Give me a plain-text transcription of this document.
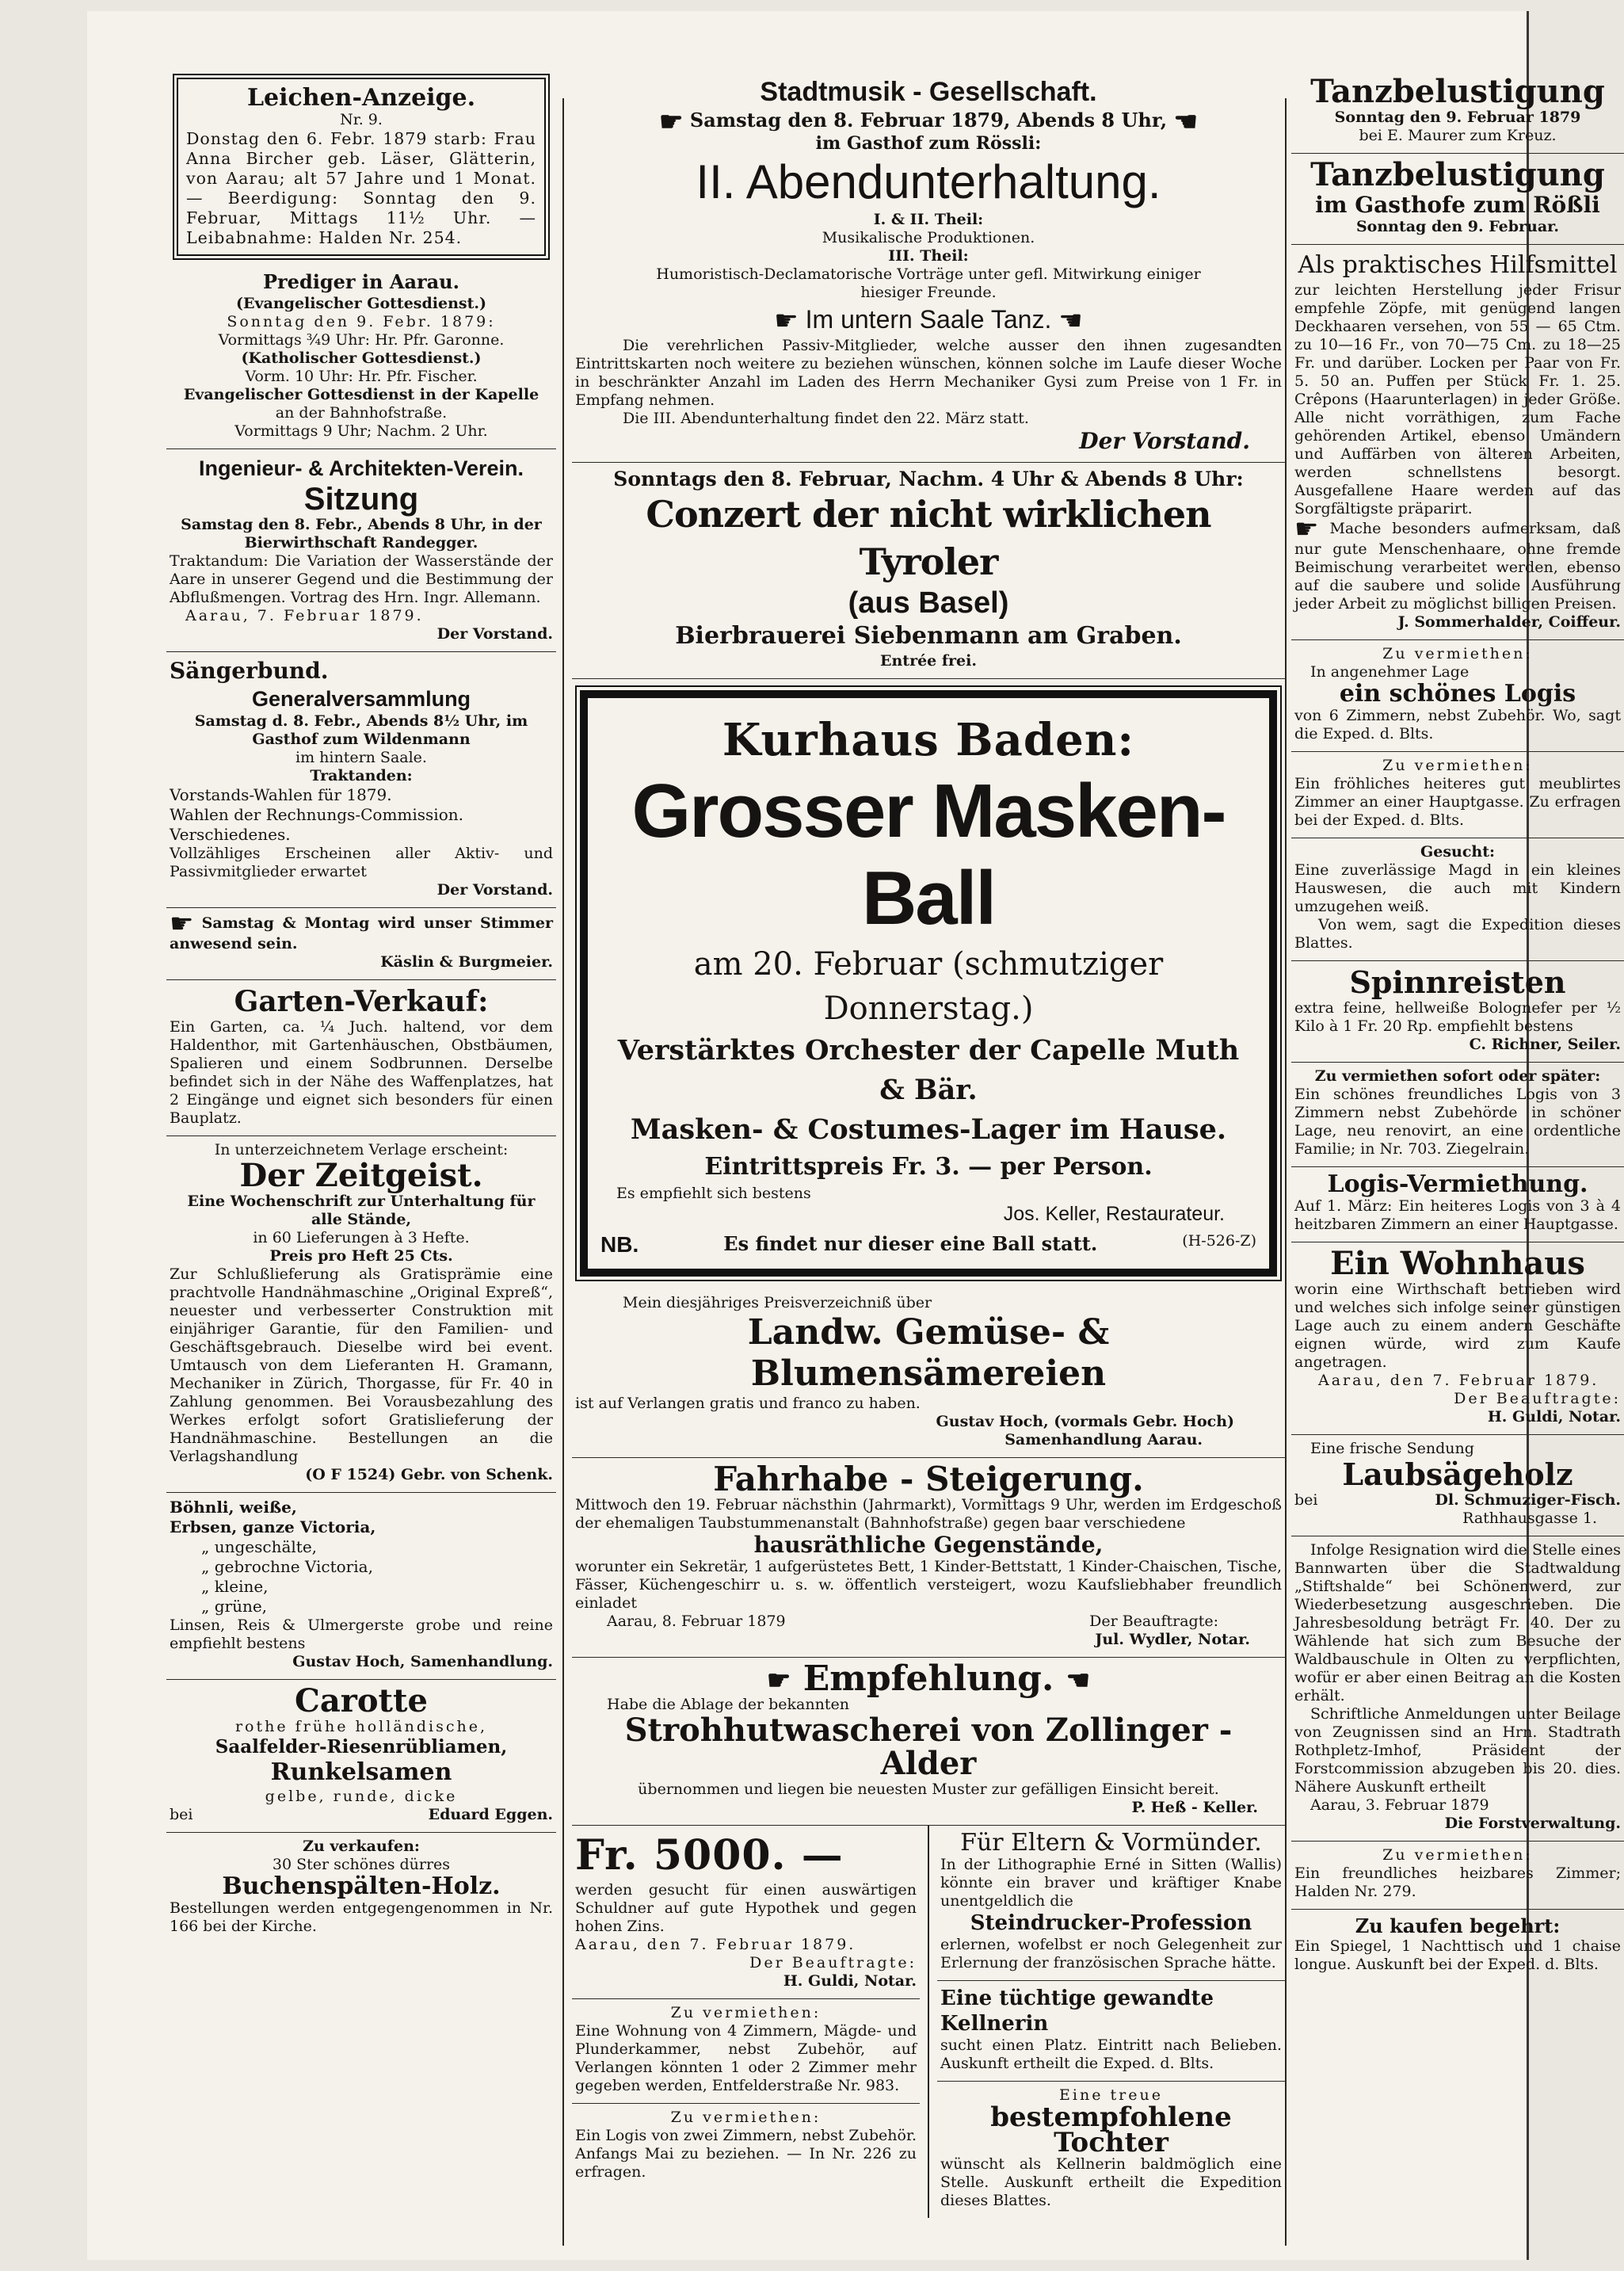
Leichen-Anzeige.
Nr. 9.

Donstag den 6. Febr. 1879 starb: Frau Anna Bircher geb. Läser, Glätterin, von Aarau; alt 57 Jahre und 1 Monat. — Beerdigung: Sonntag den 9. Februar, Mittags 11½ Uhr. — Leibabnahme: Halden Nr. 254.

Prediger in Aarau.
(Evangelischer Gottesdienst.)
Sonntag den 9. Febr. 1879:
Vormittags ¾9 Uhr: Hr. Pfr. Garonne.
(Katholischer Gottesdienst.)
Vorm. 10 Uhr: Hr. Pfr. Fischer.
Evangelischer Gottesdienst in der Kapelle
an der Bahnhofstraße.
Vormittags 9 Uhr; Nachm. 2 Uhr.
Ingenieur- & Architekten-Verein.
Sitzung
Samstag den 8. Febr., Abends 8 Uhr, in der Bierwirthschaft Randegger.

Traktandum: Die Variation der Wasserstände der Aare in unserer Gegend und die Bestimmung der Abflußmengen. Vortrag des Hrn. Ingr. Allemann.

Aarau, 7. Februar 1879.
Der Vorstand.
Sängerbund.
Generalversammlung
Samstag d. 8. Febr., Abends 8½ Uhr, im Gasthof zum Wildenmann
im hintern Saale.
Traktanden:
Vorstands-Wahlen für 1879.
Wahlen der Rechnungs-Commission.
Verschiedenes.

Vollzähliges Erscheinen aller Aktiv- und Passivmitglieder erwartet

Der Vorstand.

☛ Samstag & Montag wird unser Stimmer anwesend sein.

Käslin & Burgmeier.
Garten-Verkauf:

Ein Garten, ca. ¼ Juch. haltend, vor dem Haldenthor, mit Gartenhäuschen, Obstbäumen, Spalieren und einem Sodbrunnen. Derselbe befindet sich in der Nähe des Waffenplatzes, hat 2 Eingänge und eignet sich besonders für einen Bauplatz.

In unterzeichnetem Verlage erscheint:
Der Zeitgeist.
Eine Wochenschrift zur Unterhaltung für alle Stände,
in 60 Lieferungen à 3 Hefte.
Preis pro Heft 25 Cts.

Zur Schlußlieferung als Gratisprämie eine prachtvolle Handnähmaschine „Original Expreß“, neuester und verbesserter Construktion mit einjähriger Garantie, für den Familien- und Geschäftsgebrauch. Dieselbe wird bei event. Umtausch von dem Lieferanten H. Gramann, Mechaniker in Zürich, Thorgasse, für Fr. 40 in Zahlung genommen. Bei Vorausbezahlung des Werkes erfolgt sofort Gratislieferung der Handnähmaschine. Bestellungen an die Verlagshandlung

(O F 1524) Gebr. von Schenk.
Böhnli, weiße,
Erbsen, ganze Victoria,
„ ungeschälte,
„ gebrochne Victoria,
„ kleine,
„ grüne,

Linsen, Reis & Ulmergerste grobe und reine empfiehlt bestens

Gustav Hoch, Samenhandlung.
Carotte
rothe frühe holländische,
Saalfelder-Riesenrübliamen,
Runkelsamen
gelbe, runde, dicke
bei	Eduard Eggen.
Zu verkaufen:
30 Ster schönes dürres
Buchenspälten-Holz.

Bestellungen werden entgegengenommen in Nr. 166 bei der Kirche.

Stadtmusik - Gesellschaft.
☛ Samstag den 8. Februar 1879, Abends 8 Uhr, ☚
im Gasthof zum Rössli:
II. Abendunterhaltung.
I. & II. Theil:
Musikalische Produktionen.
III. Theil:
Humoristisch-Declamatorische Vorträge unter gefl. Mitwirkung einiger hiesiger Freunde.
☛ Im untern Saale Tanz. ☚

Die verehrlichen Passiv-Mitglieder, welche ausser den ihnen zugesandten Eintrittskarten noch weitere zu beziehen wünschen, können solche im Laufe dieser Woche in beschränkter Anzahl im Laden des Herrn Mechaniker Gysi zum Preise von 1 Fr. in Empfang nehmen.

Die III. Abendunterhaltung findet den 22. März statt.
Der Vorstand.
Sonntags den 8. Februar, Nachm. 4 Uhr & Abends 8 Uhr:
Conzert der nicht wirklichen Tyroler
(aus Basel)
Bierbrauerei Siebenmann am Graben.
Entrée frei.
Kurhaus Baden:
Grosser Masken-Ball
am 20. Februar (schmutziger Donnerstag.)
Verstärktes Orchester der Capelle Muth & Bär.
Masken- & Costumes-Lager im Hause.
Eintrittspreis Fr. 3. — per Person.
Es empfiehlt sich bestens
Jos. Keller, Restaurateur.
NB.	Es findet nur dieser eine Ball statt.	(H-526-Z)
Mein diesjähriges Preisverzeichniß über
Landw. Gemüse- & Blumensämereien
ist auf Verlangen gratis und franco zu haben.
Gustav Hoch, (vormals Gebr. Hoch)
Samenhandlung Aarau.
Fahrhabe - Steigerung.

Mittwoch den 19. Februar nächsthin (Jahrmarkt), Vormittags 9 Uhr, werden im Erdgeschoß der ehemaligen Taubstummenanstalt (Bahnhofstraße) gegen baar verschiedene

hausräthliche Gegenstände,

worunter ein Sekretär, 1 aufgerüstetes Bett, 1 Kinder-Bettstatt, 1 Kinder-Chaischen, Tische, Fässer, Küchengeschirr u. s. w. öffentlich versteigert, wozu Kaufsliebhaber freundlich einladet

Aarau, 8. Februar 1879	Der Beauftragte:
Jul. Wydler, Notar.
☛ Empfehlung. ☚
Habe die Ablage der bekannten
Strohhutwascherei von Zollinger - Alder
übernommen und liegen bie neuesten Muster zur gefälligen Einsicht bereit.
P. Heß - Keller.
Fr. 5000. —

werden gesucht für einen auswärtigen Schuldner auf gute Hypothek und gegen hohen Zins.

Aarau, den 7. Februar 1879.
Der Beauftragte:
H. Guldi, Notar.
Zu vermiethen:

Eine Wohnung von 4 Zimmern, Mägde- und Plunderkammer, nebst Zubehör, auf Verlangen könnten 1 oder 2 Zimmer mehr gegeben werden, Entfelderstraße Nr. 983.

Zu vermiethen:

Ein Logis von zwei Zimmern, nebst Zubehör. Anfangs Mai zu beziehen. — In Nr. 226 zu erfragen.

Für Eltern & Vormünder.

In der Lithographie Erné in Sitten (Wallis) könnte ein braver und kräftiger Knabe unentgeldlich die

Steindrucker-Profession

erlernen, wofelbst er noch Gelegenheit zur Erlernung der französischen Sprache hätte.

Eine tüchtige gewandte Kellnerin

sucht einen Platz. Eintritt nach Belieben. Auskunft ertheilt die Exped. d. Blts.

Eine treue
bestempfohlene Tochter

wünscht als Kellnerin baldmöglich eine Stelle. Auskunft ertheilt die Expedition dieses Blattes.

Tanzbelustigung
Sonntag den 9. Februar 1879
bei E. Maurer zum Kreuz.
Tanzbelustigung
im Gasthofe zum Rößli
Sonntag den 9. Februar.
Als praktisches Hilfsmittel

zur leichten Herstellung jeder Frisur empfehle Zöpfe, mit genügend langen Deckhaaren versehen, von 55 — 65 Ctm. zu 10—16 Fr., von 70—75 Cm. zu 18—25 Fr. und darüber. Locken per Paar von Fr. 5. 50 an. Puffen per Stück Fr. 1. 25. Crêpons (Haarunterlagen) in jeder Größe. Alle nicht vorräthigen, zum Fache gehörenden Artikel, ebenso Umändern und Auffärben von älteren Arbeiten, werden schnellstens besorgt. Ausgefallene Haare werden auf das Sorgfältigste präparirt.

☛ Mache besonders aufmerksam, daß nur gute Menschenhaare, ohne fremde Beimischung verarbeitet werden, ebenso auf die saubere und solide Ausführung jeder Arbeit zu möglichst billigen Preisen.

J. Sommerhalder, Coiffeur.
Zu vermiethen:
In angenehmer Lage
ein schönes Logis

von 6 Zimmern, nebst Zubehör. Wo, sagt die Exped. d. Blts.

Zu vermiethen:

Ein fröhliches heiteres gut meublirtes Zimmer an einer Hauptgasse. Zu erfragen bei der Exped. d. Blts.

Gesucht:

Eine zuverlässige Magd in ein kleines Hauswesen, die auch mit Kindern umzugehen weiß.

Von wem, sagt die Expedition dieses Blattes.

Spinnreisten

extra feine, hellweiße Bolognefer per ½ Kilo à 1 Fr. 20 Rp. empfiehlt bestens

C. Richner, Seiler.
Zu vermiethen sofort oder später:

Ein schönes freundliches Logis von 3 Zimmern nebst Zubehörde in schöner Lage, neu renovirt, an eine ordentliche Familie; in Nr. 703. Ziegelrain.

Logis-Vermiethung.

Auf 1. März: Ein heiteres Logis von 3 à 4 heitzbaren Zimmern an einer Hauptgasse.

Ein Wohnhaus

worin eine Wirthschaft betrieben wird und welches sich infolge seiner günstigen Lage auch zu einem andern Geschäfte eignen würde, wird zum Kaufe angetragen.

Aarau, den 7. Februar 1879.
Der Beauftragte:
H. Guldi, Notar.
Eine frische Sendung
Laubsägeholz
bei	Dl. Schmuziger-Fisch.
Rathhausgasse 1.

Infolge Resignation wird die Stelle eines Bannwarten über die Stadtwaldung „Stiftshalde“ bei Schönenwerd, zur Wiederbesetzung ausgeschrieben. Die Jahresbesoldung beträgt Fr. 40. Der zu Wählende hat sich zum Besuche der Waldbauschule in Olten zu verpflichten, wofür er aber einen Beitrag an die Kosten erhält.

Schriftliche Anmeldungen unter Beilage von Zeugnissen sind an Hrn. Stadtrath Rothpletz-Imhof, Präsident der Forstcommission abzugeben bis 20. dies. Nähere Auskunft ertheilt

Aarau, 3. Februar 1879
Die Forstverwaltung.
Zu vermiethen:

Ein freundliches heizbares Zimmer; Halden Nr. 279.

Zu kaufen begehrt:

Ein Spiegel, 1 Nachttisch und 1 chaise longue. Auskunft bei der Exped. d. Blts.
